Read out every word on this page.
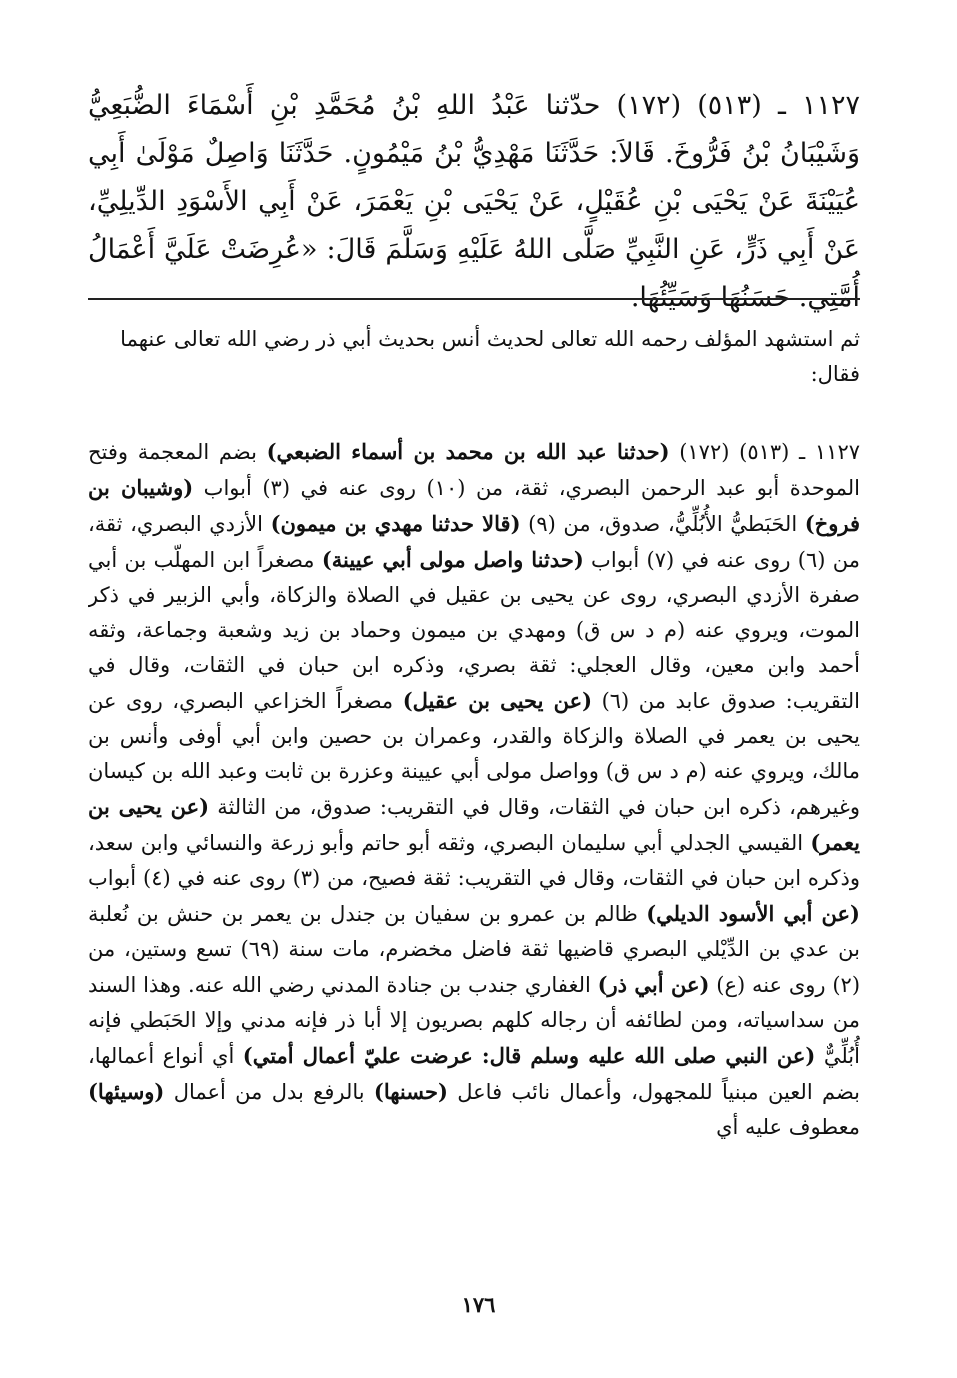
١١٢٧ ـ (٥١٣) (١٧٢) حدّثنا عَبْدُ اللهِ بْنُ مُحَمَّدِ بْنِ أَسْمَاءَ الضُّبَعِيُّ وَشَيْبَانُ بْنُ فَرُّوخَ. قَالاَ: حَدَّثَنَا مَهْدِيُّ بْنُ مَيْمُونٍ. حَدَّثَنَا وَاصِلٌ مَوْلَىٰ أَبِي عُيَيْنَةَ عَنْ يَحْيَى بْنِ عُقَيْلٍ، عَنْ يَحْيَى بْنِ يَعْمَرَ، عَنْ أَبِي الأَسْوَدِ الدِّيلِيِّ، عَنْ أَبِي ذَرٍّ، عَنِ النَّبِيِّ صَلَّى اللهُ عَلَيْهِ وَسَلَّمَ قَالَ: «عُرِضَتْ عَلَيَّ أَعْمَالُ أُمَّتِي. حَسَنُهَا وَسَيِّئُهَا.

ثم استشهد المؤلف رحمه الله تعالى لحديث أنس بحديث أبي ذر رضي الله تعالى عنهما فقال:

١١٢٧ ـ (٥١٣) (١٧٢) (حدثنا عبد الله بن محمد بن أسماء الضبعي) بضم المعجمة وفتح الموحدة أبو عبد الرحمن البصري، ثقة، من (١٠) روى عنه في (٣) أبواب (وشيبان بن فروخ) الحَبَطيُّ الأُبُلِّيُّ، صدوق، من (٩) (قالا حدثنا مهدي بن ميمون) الأزدي البصري، ثقة، من (٦) روى عنه في (٧) أبواب (حدثنا واصل مولى أبي عيينة) مصغراً ابن المهلّب بن أبي صفرة الأزدي البصري، روى عن يحيى بن عقيل في الصلاة والزكاة، وأبي الزبير في ذكر الموت، ويروي عنه (م د س ق) ومهدي بن ميمون وحماد بن زيد وشعبة وجماعة، وثقه أحمد وابن معين، وقال العجلي: ثقة بصري، وذكره ابن حبان في الثقات، وقال في التقريب: صدوق عابد من (٦) (عن يحيى بن عقيل) مصغراً الخزاعي البصري، روى عن يحيى بن يعمر في الصلاة والزكاة والقدر، وعمران بن حصين وابن أبي أوفى وأنس بن مالك، ويروي عنه (م د س ق) وواصل مولى أبي عيينة وعزرة بن ثابت وعبد الله بن كيسان وغيرهم، ذكره ابن حبان في الثقات، وقال في التقريب: صدوق، من الثالثة (عن يحيى بن يعمر) القيسي الجدلي أبي سليمان البصري، وثقه أبو حاتم وأبو زرعة والنسائي وابن سعد، وذكره ابن حبان في الثقات، وقال في التقريب: ثقة فصيح، من (٣) روى عنه في (٤) أبواب (عن أبي الأسود الديلي) ظالم بن عمرو بن سفيان بن جندل بن يعمر بن حنش بن نُعلبة بن عدي بن الدِّيْلي البصري قاضيها ثقة فاضل مخضرم، مات سنة (٦٩) تسع وستين، من (٢) روى عنه (ع) (عن أبي ذر) الغفاري جندب بن جنادة المدني رضي الله عنه. وهذا السند من سداسياته، ومن لطائفه أن رجاله كلهم بصريون إلا أبا ذر فإنه مدني وإلا الحَبَطي فإنه أُبُلِّيٌّ (عن النبي صلى الله عليه وسلم قال: عرضت عليّ أعمال أمتي) أي أنواع أعمالها، بضم العين مبنياً للمجهول، وأعمال نائب فاعل (حسنها) بالرفع بدل من أعمال (وسيئها) معطوف عليه أي

١٧٦
